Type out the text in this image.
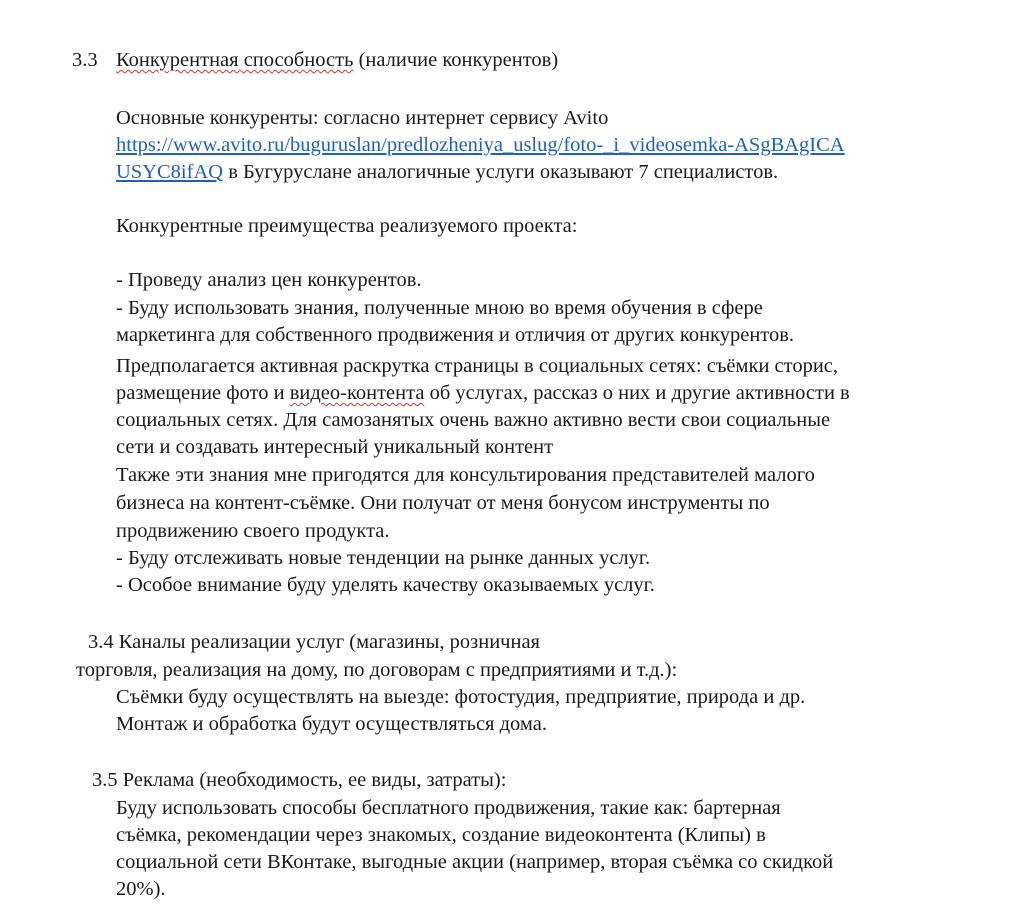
3.3 Конкурентная способность (наличие конкурентов)
Основные конкуренты: согласно интернет сервису Avito
https://www.avito.ru/buguruslan/predlozheniya_uslug/foto-_i_videosemka-ASgBAgICA
USYC8ifAQ в Бугуруслане аналогичные услуги оказывают 7 специалистов.
Конкурентные преимущества реализуемого проекта:
- Проведу анализ цен конкурентов.
- Буду использовать знания, полученные мною во время обучения в сфере
маркетинга для собственного продвижения и отличия от других конкурентов.
Предполагается активная раскрутка страницы в социальных сетях: съёмки сторис,
размещение фото и видео-контента об услугах, рассказ о них и другие активности в
социальных сетях. Для самозанятых очень важно активно вести свои социальные
сети и создавать интересный уникальный контент
Также эти знания мне пригодятся для консультирования представителей малого
бизнеса на контент-съёмке. Они получат от меня бонусом инструменты по
продвижению своего продукта.
- Буду отслеживать новые тенденции на рынке данных услуг.
- Особое внимание буду уделять качеству оказываемых услуг.
3.4 Каналы реализации услуг (магазины, розничная
торговля, реализация на дому, по договорам с предприятиями и т.д.):
Съёмки буду осуществлять на выезде: фотостудия, предприятие, природа и др.
Монтаж и обработка будут осуществляться дома.
3.5 Реклама (необходимость, ее виды, затраты):
Буду использовать способы бесплатного продвижения, такие как: бартерная
съёмка, рекомендации через знакомых, создание видеоконтента (Клипы) в
социальной сети ВКонтаке, выгодные акции (например, вторая съёмка со скидкой
20%).
